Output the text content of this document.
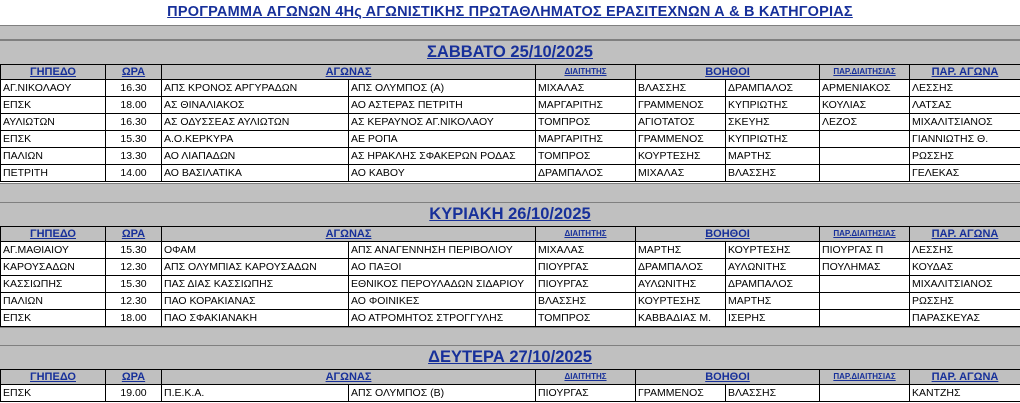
ΠΡΟΓΡΑΜΜΑ ΑΓΩΝΩΝ 4Ης ΑΓΩΝΙΣΤΙΚΗΣ ΠΡΩΤΑΘΛΗΜΑΤΟΣ ΕΡΑΣΙΤΕΧΝΩΝ Α & Β ΚΑΤΗΓΟΡΙΑΣ
ΣΑΒΒΑΤΟ 25/10/2025
ΓΗΠΕΔΟ	ΩΡΑ	ΑΓΩΝΑΣ		ΔΙΑΙΤΗΤΗΣ	ΒΟΗΘΟΙ		ΠΑΡ.ΔΙΑΙΤΗΣΙΑΣ	ΠΑΡ. ΑΓΩΝΑ
ΑΓ.ΝΙΚΟΛΑΟΥ	16.30	ΑΠΣ ΚΡΟΝΟΣ ΑΡΓΥΡΑΔΩΝ	ΑΠΣ ΟΛΥΜΠΟΣ (Α)	ΜΙΧΑΛΑΣ	ΒΛΑΣΣΗΣ	ΔΡΑΜΠΑΛΟΣ	ΑΡΜΕΝΙΑΚΟΣ	ΛΕΣΣΗΣ
ΕΠΣΚ	18.00	ΑΣ ΘΙΝΑΛΙΑΚΟΣ	ΑΟ ΑΣΤΕΡΑΣ ΠΕΤΡΙΤΗ	ΜΑΡΓΑΡΙΤΗΣ	ΓΡΑΜΜΕΝΟΣ	ΚΥΠΡΙΩΤΗΣ	ΚΟΥΛΙΑΣ	ΛΑΤΣΑΣ
ΑΥΛΙΩΤΩΝ	16.30	ΑΣ ΟΔΥΣΣΕΑΣ ΑΥΛΙΩΤΩΝ	ΑΣ ΚΕΡΑΥΝΟΣ ΑΓ.ΝΙΚΟΛΑΟΥ	ΤΟΜΠΡΟΣ	ΑΓΙΟΤΑΤΟΣ	ΣΚΕΥΗΣ	ΛΕΖΟΣ	ΜΙΧΑΛΙΤΣΙΑΝΟΣ
ΕΠΣΚ	15.30	Α.Ο.ΚΕΡΚΥΡΑ	ΑΕ ΡΟΠΑ	ΜΑΡΓΑΡΙΤΗΣ	ΓΡΑΜΜΕΝΟΣ	ΚΥΠΡΙΩΤΗΣ		ΓΙΑΝΝΙΩΤΗΣ Θ.
ΠΑΛΙΩΝ	13.30	ΑΟ ΛΙΑΠΑΔΩΝ	ΑΣ ΗΡΑΚΛΗΣ ΣΦΑΚΕΡΩΝ ΡΟΔΑΣ	ΤΟΜΠΡΟΣ	ΚΟΥΡΤΕΣΗΣ	ΜΑΡΤΗΣ		ΡΩΣΣΗΣ
ΠΕΤΡΙΤΗ	14.00	ΑΟ ΒΑΣΙΛΑΤΙΚΑ	ΑΟ ΚΑΒΟΥ	ΔΡΑΜΠΑΛΟΣ	ΜΙΧΑΛΑΣ	ΒΛΑΣΣΗΣ		ΓΕΛΕΚΑΣ
ΚΥΡΙΑΚΗ 26/10/2025
ΓΗΠΕΔΟ	ΩΡΑ	ΑΓΩΝΑΣ		ΔΙΑΙΤΗΤΗΣ	ΒΟΗΘΟΙ		ΠΑΡ.ΔΙΑΙΤΗΣΙΑΣ	ΠΑΡ. ΑΓΩΝΑ
ΑΓ.ΜΑΘΙΑΙΟΥ	15.30	ΟΦΑΜ	ΑΠΣ ΑΝΑΓΕΝΝΗΣΗ ΠΕΡΙΒΟΛΙΟΥ	ΜΙΧΑΛΑΣ	ΜΑΡΤΗΣ	ΚΟΥΡΤΕΣΗΣ	ΠΙΟΥΡΓΑΣ Π	ΛΕΣΣΗΣ
ΚΑΡΟΥΣΑΔΩΝ	12.30	ΑΠΣ ΟΛΥΜΠΙΑΣ ΚΑΡΟΥΣΑΔΩΝ	ΑΟ ΠΑΞΟΙ	ΠΙΟΥΡΓΑΣ	ΔΡΑΜΠΑΛΟΣ	ΑΥΛΩΝΙΤΗΣ	ΠΟΥΛΗΜΑΣ	ΚΟΥΔΑΣ
ΚΑΣΣΙΩΠΗΣ	15.30	ΠΑΣ ΔΙΑΣ ΚΑΣΣΙΩΠΗΣ	ΕΘΝΙΚΟΣ ΠΕΡΟΥΛΑΔΩΝ ΣΙΔΑΡΙΟΥ	ΠΙΟΥΡΓΑΣ	ΑΥΛΩΝΙΤΗΣ	ΔΡΑΜΠΑΛΟΣ		ΜΙΧΑΛΙΤΣΙΑΝΟΣ
ΠΑΛΙΩΝ	12.30	ΠΑΟ ΚΟΡΑΚΙΑΝΑΣ	ΑΟ ΦΟΙΝΙΚΕΣ	ΒΛΑΣΣΗΣ	ΚΟΥΡΤΕΣΗΣ	ΜΑΡΤΗΣ		ΡΩΣΣΗΣ
ΕΠΣΚ	18.00	ΠΑΟ ΣΦΑΚΙΑΝΑΚΗ	ΑΟ ΑΤΡΟΜΗΤΟΣ ΣΤΡΟΓΓΥΛΗΣ	ΤΟΜΠΡΟΣ	ΚΑΒΒΑΔΙΑΣ Μ.	ΙΣΕΡΗΣ		ΠΑΡΑΣΚΕΥΑΣ
ΔΕΥΤΕΡΑ 27/10/2025
ΓΗΠΕΔΟ	ΩΡΑ	ΑΓΩΝΑΣ		ΔΙΑΙΤΗΤΗΣ	ΒΟΗΘΟΙ		ΠΑΡ.ΔΙΑΙΤΗΣΙΑΣ	ΠΑΡ. ΑΓΩΝΑ
ΕΠΣΚ	19.00	Π.Ε.Κ.Α.	ΑΠΣ ΟΛΥΜΠΟΣ (Β)	ΠΙΟΥΡΓΑΣ	ΓΡΑΜΜΕΝΟΣ	ΒΛΑΣΣΗΣ		ΚΑΝΤΖΗΣ
